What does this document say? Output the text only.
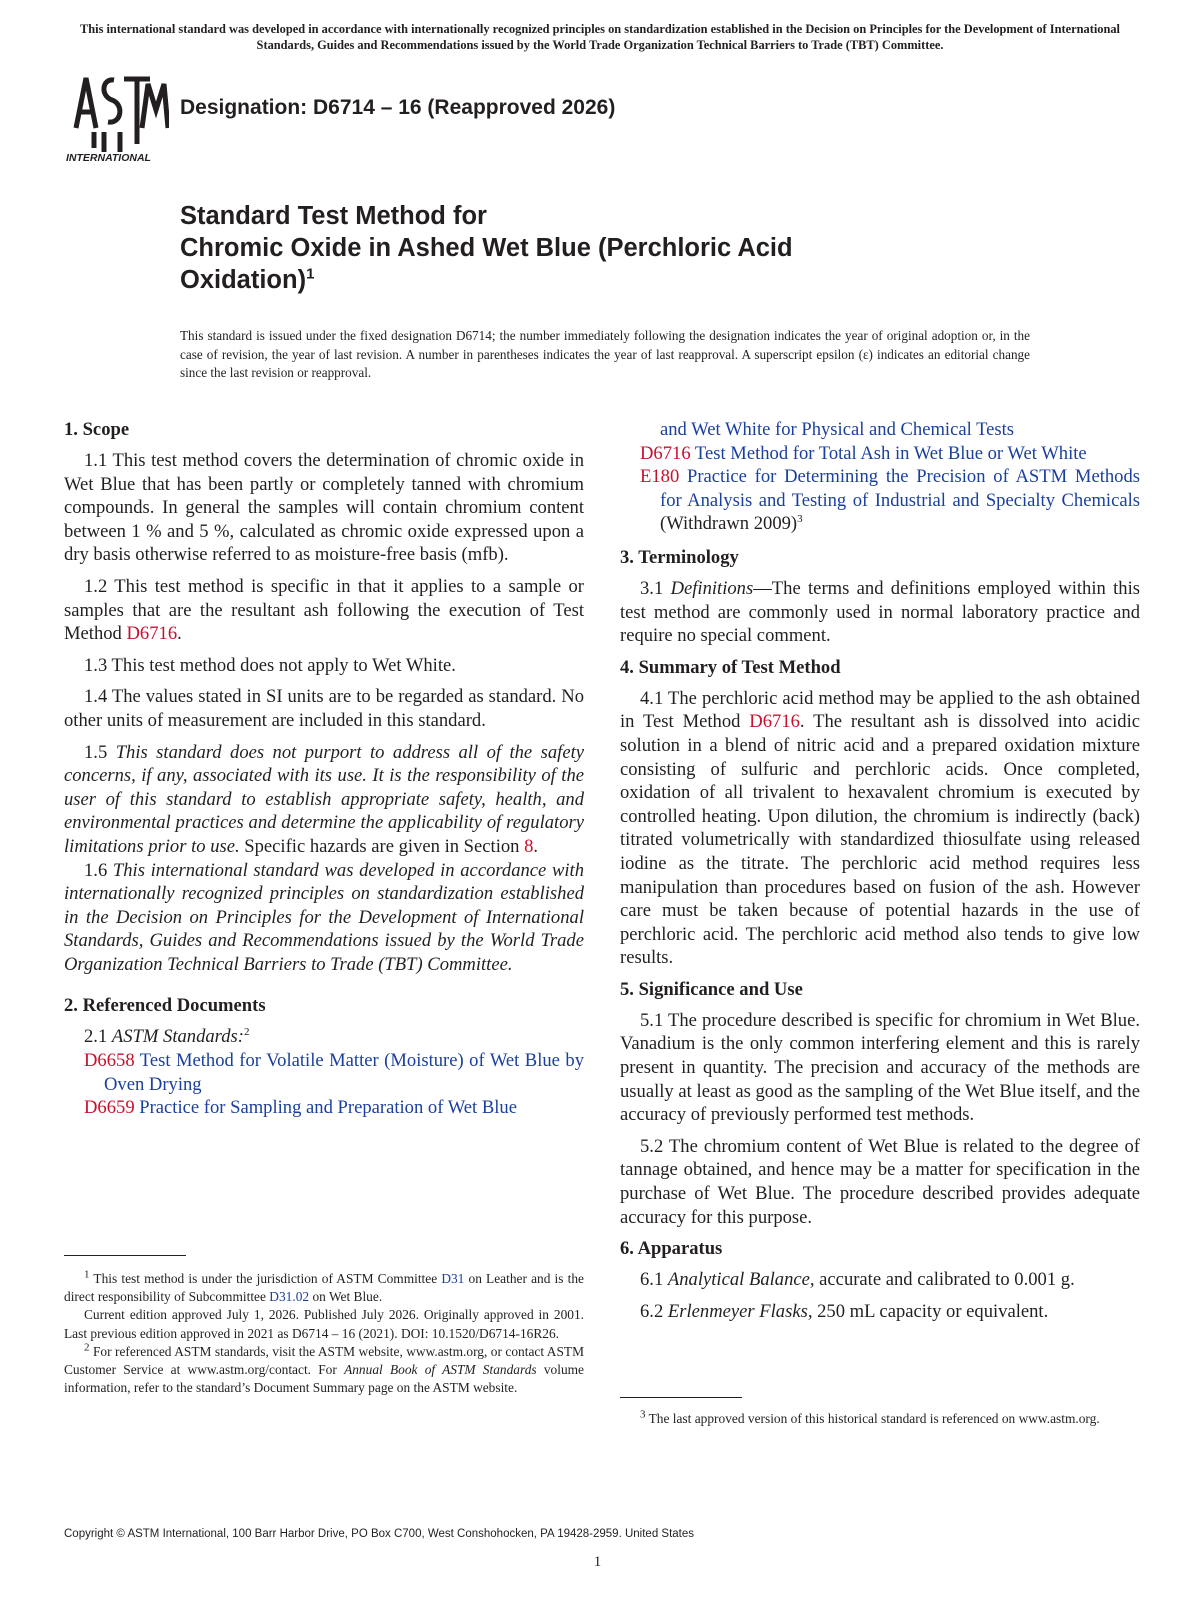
This international standard was developed in accordance with internationally recognized principles on standardization established in the Decision on Principles for the Development of International Standards, Guides and Recommendations issued by the World Trade Organization Technical Barriers to Trade (TBT) Committee.
INTERNATIONAL
Designation: D6714 – 16 (Reapproved 2026)
Standard Test Method for
Chromic Oxide in Ashed Wet Blue (Perchloric Acid
Oxidation)$^1$
This standard is issued under the fixed designation D6714; the number immediately following the designation indicates the year of original adoption or, in the case of revision, the year of last revision. A number in parentheses indicates the year of last reapproval. A superscript epsilon (ε) indicates an editorial change since the last revision or reapproval.
1. Scope

1.1 This test method covers the determination of chromic oxide in Wet Blue that has been partly or completely tanned with chromium compounds. In general the samples will contain chromium content between 1 % and 5 %, calculated as chromic oxide expressed upon a dry basis otherwise referred to as moisture-free basis (mfb).

1.2 This test method is specific in that it applies to a sample or samples that are the resultant ash following the execution of Test Method D6716.

1.3 This test method does not apply to Wet White.

1.4 The values stated in SI units are to be regarded as standard. No other units of measurement are included in this standard.

1.5 This standard does not purport to address all of the safety concerns, if any, associated with its use. It is the responsibility of the user of this standard to establish appropriate safety, health, and environmental practices and determine the applicability of regulatory limitations prior to use. Specific hazards are given in Section 8.

1.6 This international standard was developed in accordance with internationally recognized principles on standardization established in the Decision on Principles for the Development of International Standards, Guides and Recommendations issued by the World Trade Organization Technical Barriers to Trade (TBT) Committee.

2. Referenced Documents
2.1 ASTM Standards:$^2$
D6658 Test Method for Volatile Matter (Moisture) of Wet Blue by Oven Drying
D6659 Practice for Sampling and Preparation of Wet Blue

$^1$ This test method is under the jurisdiction of ASTM Committee D31 on Leather and is the direct responsibility of Subcommittee D31.02 on Wet Blue.

Current edition approved July 1, 2026. Published July 2026. Originally approved in 2001. Last previous edition approved in 2021 as D6714 – 16 (2021). DOI: 10.1520/D6714-16R26.

$^2$ For referenced ASTM standards, visit the ASTM website, www.astm.org, or contact ASTM Customer Service at www.astm.org/contact. For Annual Book of ASTM Standards volume information, refer to the standard’s Document Summary page on the ASTM website.

and Wet White for Physical and Chemical Tests
D6716 Test Method for Total Ash in Wet Blue or Wet White
E180 Practice for Determining the Precision of ASTM Methods for Analysis and Testing of Industrial and Specialty Chemicals (Withdrawn 2009)$^3$
3. Terminology

3.1 Definitions—The terms and definitions employed within this test method are commonly used in normal laboratory practice and require no special comment.

4. Summary of Test Method

4.1 The perchloric acid method may be applied to the ash obtained in Test Method D6716. The resultant ash is dissolved into acidic solution in a blend of nitric acid and a prepared oxidation mixture consisting of sulfuric and perchloric acids. Once completed, oxidation of all trivalent to hexavalent chromium is executed by controlled heating. Upon dilution, the chromium is indirectly (back) titrated volumetrically with standardized thiosulfate using released iodine as the titrate. The perchloric acid method requires less manipulation than procedures based on fusion of the ash. However care must be taken because of potential hazards in the use of perchloric acid. The perchloric acid method also tends to give low results.

5. Significance and Use

5.1 The procedure described is specific for chromium in Wet Blue. Vanadium is the only common interfering element and this is rarely present in quantity. The precision and accuracy of the methods are usually at least as good as the sampling of the Wet Blue itself, and the accuracy of previously performed test methods.

5.2 The chromium content of Wet Blue is related to the degree of tannage obtained, and hence may be a matter for specification in the purchase of Wet Blue. The procedure described provides adequate accuracy for this purpose.

6. Apparatus

6.1 Analytical Balance, accurate and calibrated to 0.001 g.

6.2 Erlenmeyer Flasks, 250 mL capacity or equivalent.

$^3$ The last approved version of this historical standard is referenced on www.astm.org.

Copyright © ASTM International, 100 Barr Harbor Drive, PO Box C700, West Conshohocken, PA 19428-2959. United States
1
